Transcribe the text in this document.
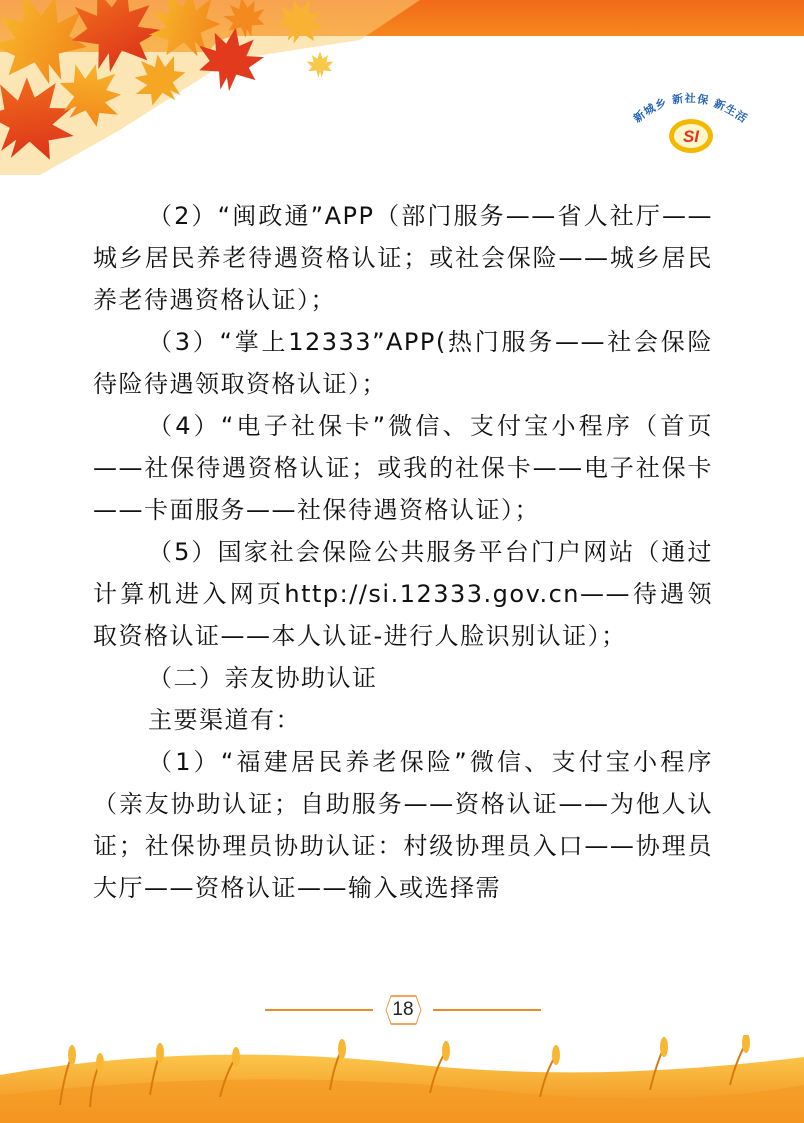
新城乡 新社保 新生活
SI

（2）“闽政通”APP（部门服务——省人社厅——城乡居民养老待遇资格认证；或社会保险——城乡居民养老待遇资格认证）；

（3）“掌上12333”APP(热门服务——社会保险待险待遇领取资格认证）；

（4）“电子社保卡”微信、支付宝小程序（首页——社保待遇资格认证；或我的社保卡——电子社保卡——卡面服务——社保待遇资格认证）；

（5）国家社会保险公共服务平台门户网站（通过计算机进入网页http://si.12333.gov.cn——待遇领取资格认证——本人认证-进行人脸识别认证）；

（二）亲友协助认证

主要渠道有：

（1）“福建居民养老保险”微信、支付宝小程序（亲友协助认证；自助服务——资格认证——为他人认证；社保协理员协助认证：村级协理员入口——协理员大厅——资格认证——输入或选择需

18
